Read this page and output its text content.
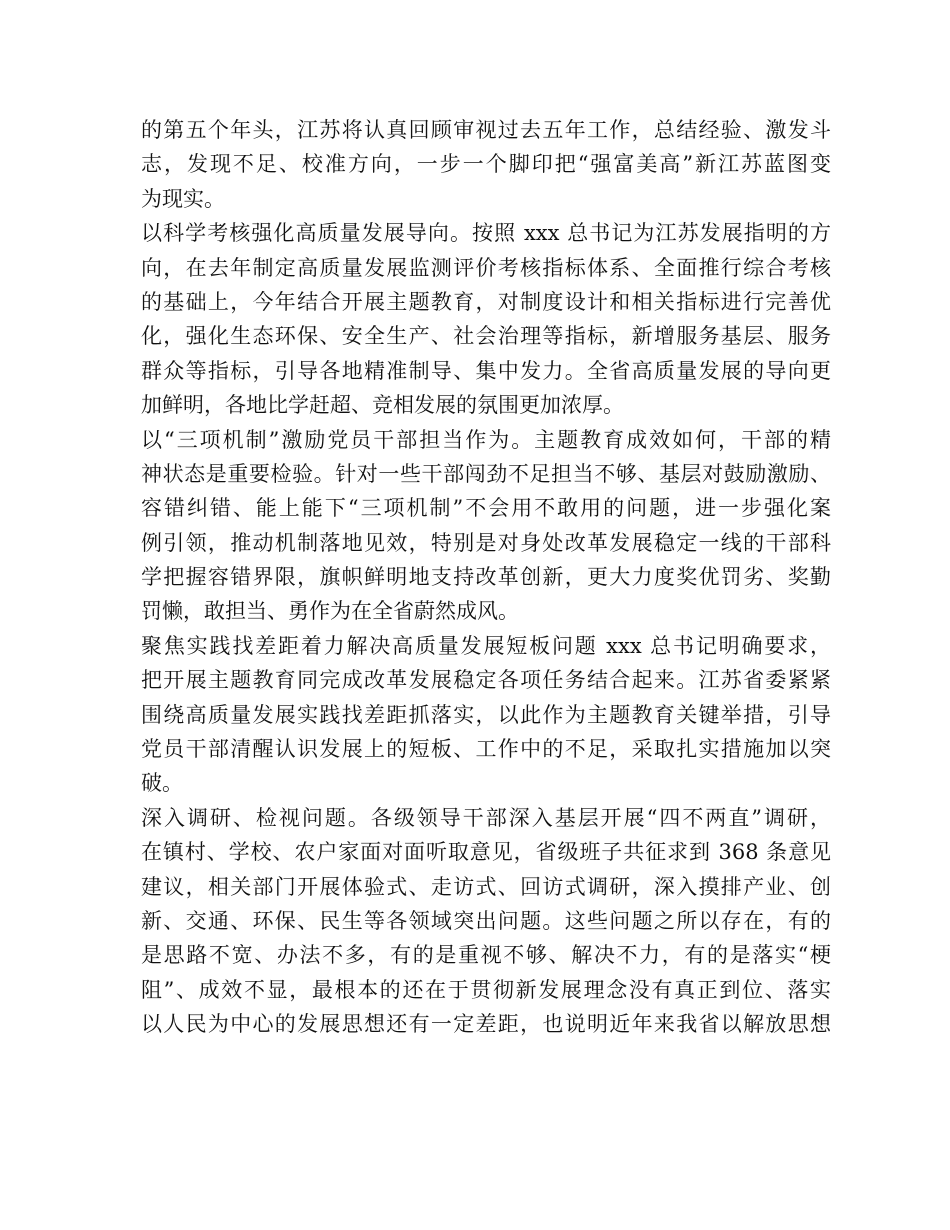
的第五个年头，江苏将认真回顾审视过去五年工作，总结经验、激发斗
志，发现不足、校准方向，一步一个脚印把“强富美高”新江苏蓝图变
为现实。
以科学考核强化高质量发展导向。按照 xxx 总书记为江苏发展指明的方
向，在去年制定高质量发展监测评价考核指标体系、全面推行综合考核
的基础上，今年结合开展主题教育，对制度设计和相关指标进行完善优
化，强化生态环保、安全生产、社会治理等指标，新增服务基层、服务
群众等指标，引导各地精准制导、集中发力。全省高质量发展的导向更
加鲜明，各地比学赶超、竞相发展的氛围更加浓厚。
以“三项机制”激励党员干部担当作为。主题教育成效如何，干部的精
神状态是重要检验。针对一些干部闯劲不足担当不够、基层对鼓励激励、
容错纠错、能上能下“三项机制”不会用不敢用的问题，进一步强化案
例引领，推动机制落地见效，特别是对身处改革发展稳定一线的干部科
学把握容错界限，旗帜鲜明地支持改革创新，更大力度奖优罚劣、奖勤
罚懒，敢担当、勇作为在全省蔚然成风。
聚焦实践找差距着力解决高质量发展短板问题 xxx 总书记明确要求，
把开展主题教育同完成改革发展稳定各项任务结合起来。江苏省委紧紧
围绕高质量发展实践找差距抓落实，以此作为主题教育关键举措，引导
党员干部清醒认识发展上的短板、工作中的不足，采取扎实措施加以突
破。
深入调研、检视问题。各级领导干部深入基层开展“四不两直”调研，
在镇村、学校、农户家面对面听取意见，省级班子共征求到 368 条意见
建议，相关部门开展体验式、走访式、回访式调研，深入摸排产业、创
新、交通、环保、民生等各领域突出问题。这些问题之所以存在，有的
是思路不宽、办法不多，有的是重视不够、解决不力，有的是落实“梗
阻”、成效不显，最根本的还在于贯彻新发展理念没有真正到位、落实
以人民为中心的发展思想还有一定差距，也说明近年来我省以解放思想
